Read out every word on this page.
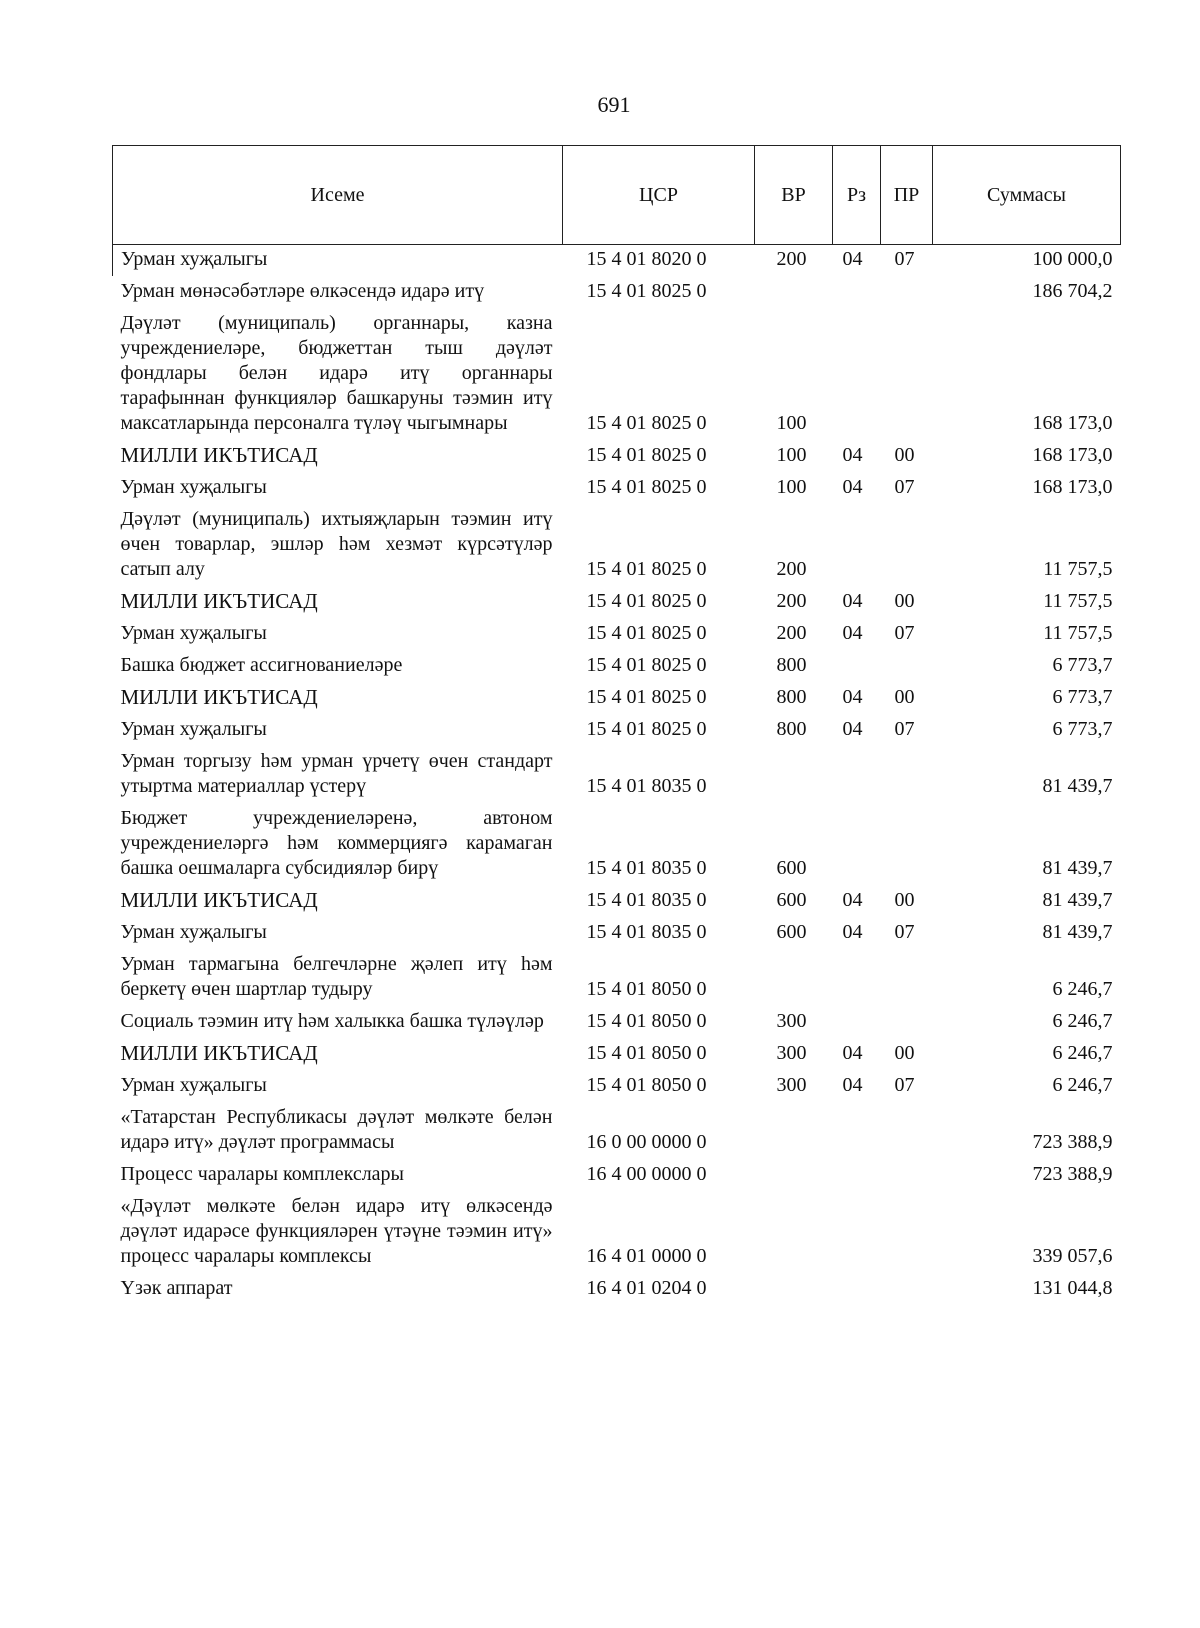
691
Исеме	ЦСР	ВР	Рз	ПР	Суммасы
Урман хуҗалыгы	15 4 01 8020 0	200	04	07	100 000,0
Урман мөнәсәбәтләре өлкәсендә идарә итү	15 4 01 8025 0				186 704,2
Дәүләт (муниципаль) органнары, казна учреждениеләре, бюджеттан тыш дәүләт фондлары белән идарә итү органнары тарафыннан функцияләр башкаруны тәэмин итү максатларында персоналга түләү чыгымнары	15 4 01 8025 0	100			168 173,0
МИЛЛИ ИКЪТИСАД	15 4 01 8025 0	100	04	00	168 173,0
Урман хуҗалыгы	15 4 01 8025 0	100	04	07	168 173,0
Дәүләт (муниципаль) ихтыяҗларын тәэмин итү өчен товарлар, эшләр һәм хезмәт күрсәтүләр сатып алу	15 4 01 8025 0	200			11 757,5
МИЛЛИ ИКЪТИСАД	15 4 01 8025 0	200	04	00	11 757,5
Урман хуҗалыгы	15 4 01 8025 0	200	04	07	11 757,5
Башка бюджет ассигнованиеләре	15 4 01 8025 0	800			6 773,7
МИЛЛИ ИКЪТИСАД	15 4 01 8025 0	800	04	00	6 773,7
Урман хуҗалыгы	15 4 01 8025 0	800	04	07	6 773,7
Урман торгызу һәм урман үрчетү өчен стандарт утыртма материаллар үстерү	15 4 01 8035 0				81 439,7
Бюджет учреждениеләренә, автоном учреждениеләргә һәм коммерциягә карамаган башка оешмаларга субсидияләр бирү	15 4 01 8035 0	600			81 439,7
МИЛЛИ ИКЪТИСАД	15 4 01 8035 0	600	04	00	81 439,7
Урман хуҗалыгы	15 4 01 8035 0	600	04	07	81 439,7
Урман тармагына белгечләрне җәлеп итү һәм беркетү өчен шартлар тудыру	15 4 01 8050 0				6 246,7
Социаль тәэмин итү һәм халыкка башка түләүләр	15 4 01 8050 0	300			6 246,7
МИЛЛИ ИКЪТИСАД	15 4 01 8050 0	300	04	00	6 246,7
Урман хуҗалыгы	15 4 01 8050 0	300	04	07	6 246,7
«Татарстан Республикасы дәүләт мөлкәте белән идарә итү» дәүләт программасы	16 0 00 0000 0				723 388,9
Процесс чаралары комплекслары	16 4 00 0000 0				723 388,9
«Дәүләт мөлкәте белән идарә итү өлкәсендә дәүләт идарәсе функцияләрен үтәүне тәэмин итү» процесс чаралары комплексы	16 4 01 0000 0				339 057,6
Үзәк аппарат	16 4 01 0204 0				131 044,8
